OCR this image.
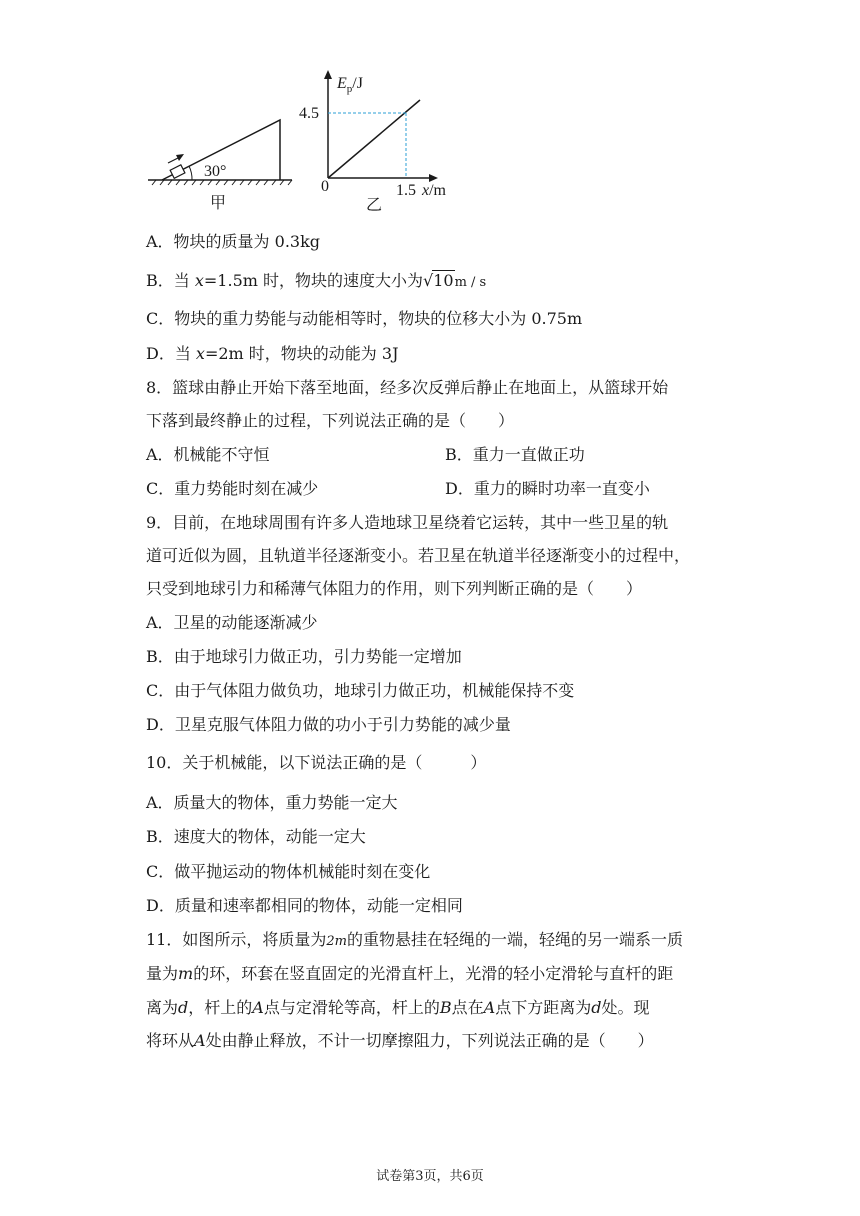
30°
甲
$E_p/J$
4.5
0	1.5 x/m
乙
A．物块的质量为 0.3kg
B．当 x=1.5m 时，物块的速度大小为√10m / s
C．物块的重力势能与动能相等时，物块的位移大小为 0.75m
D．当 x=2m 时，物块的动能为 3J
8．篮球由静止开始下落至地面，经多次反弹后静止在地面上，从篮球开始
下落到最终静止的过程，下列说法正确的是（　　）
A．机械能不守恒	B．重力一直做正功
C．重力势能时刻在减少	D．重力的瞬时功率一直变小
9．目前，在地球周围有许多人造地球卫星绕着它运转，其中一些卫星的轨
道可近似为圆，且轨道半径逐渐变小。若卫星在轨道半径逐渐变小的过程中，
只受到地球引力和稀薄气体阻力的作用，则下列判断正确的是（　　）
A．卫星的动能逐渐减少
B．由于地球引力做正功，引力势能一定增加
C．由于气体阻力做负功，地球引力做正功，机械能保持不变
D．卫星克服气体阻力做的功小于引力势能的减少量
10．关于机械能，以下说法正确的是（　　　）
A．质量大的物体，重力势能一定大
B．速度大的物体，动能一定大
C．做平抛运动的物体机械能时刻在变化
D．质量和速率都相同的物体，动能一定相同
11．如图所示，将质量为2m的重物悬挂在轻绳的一端，轻绳的另一端系一质
量为m的环，环套在竖直固定的光滑直杆上，光滑的轻小定滑轮与直杆的距
离为d，杆上的A点与定滑轮等高，杆上的B点在A点下方距离为d处。现
将环从A处由静止释放，不计一切摩擦阻力，下列说法正确的是（　　）
试卷第3页，共6页
